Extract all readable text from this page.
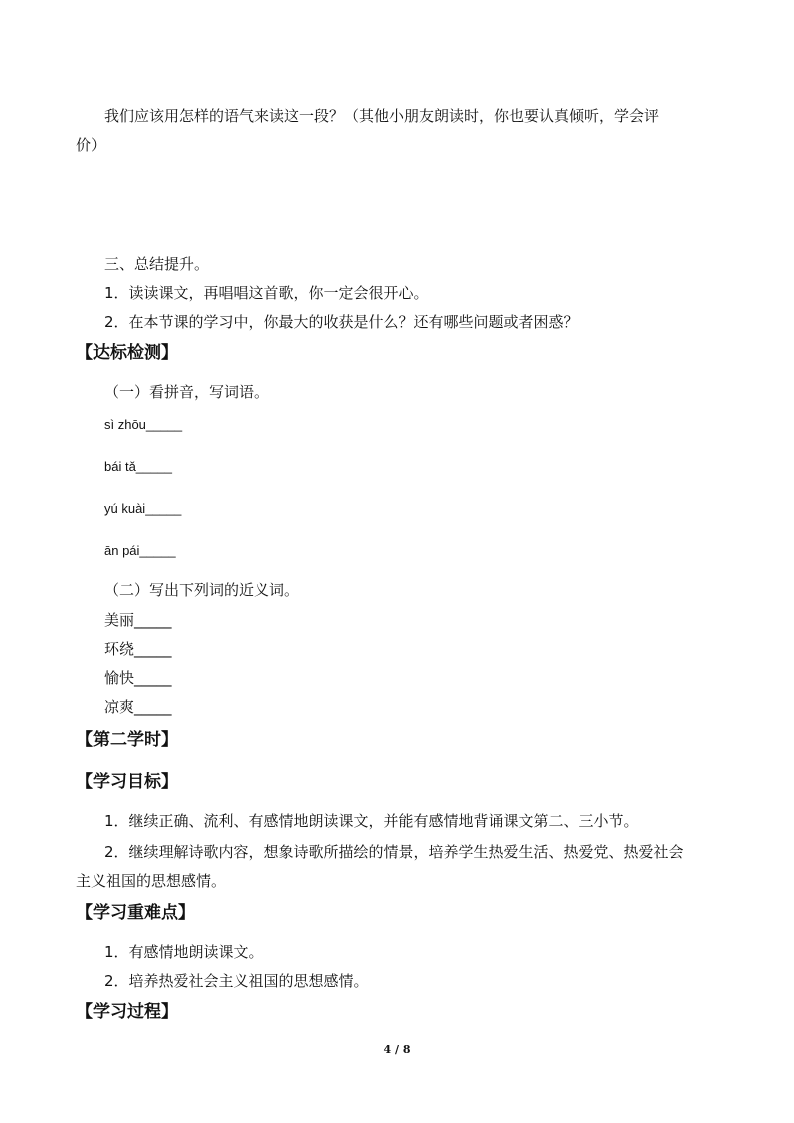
我们应该用怎样的语气来读这一段？（其他小朋友朗读时，你也要认真倾听，学会评
价）
三、总结提升。
1．读读课文，再唱唱这首歌，你一定会很开心。
2．在本节课的学习中，你最大的收获是什么？还有哪些问题或者困惑？
【达标检测】
（一）看拼音，写词语。
sì zhōu_____
bái tǎ_____
yú kuài_____
ān pái_____
（二）写出下列词的近义词。
美丽_____
环绕_____
愉快_____
凉爽_____
【第二学时】
【学习目标】
1．继续正确、流利、有感情地朗读课文，并能有感情地背诵课文第二、三小节。
2．继续理解诗歌内容，想象诗歌所描绘的情景，培养学生热爱生活、热爱党、热爱社会
主义祖国的思想感情。
【学习重难点】
1．有感情地朗读课文。
2．培养热爱社会主义祖国的思想感情。
【学习过程】
4 / 8
